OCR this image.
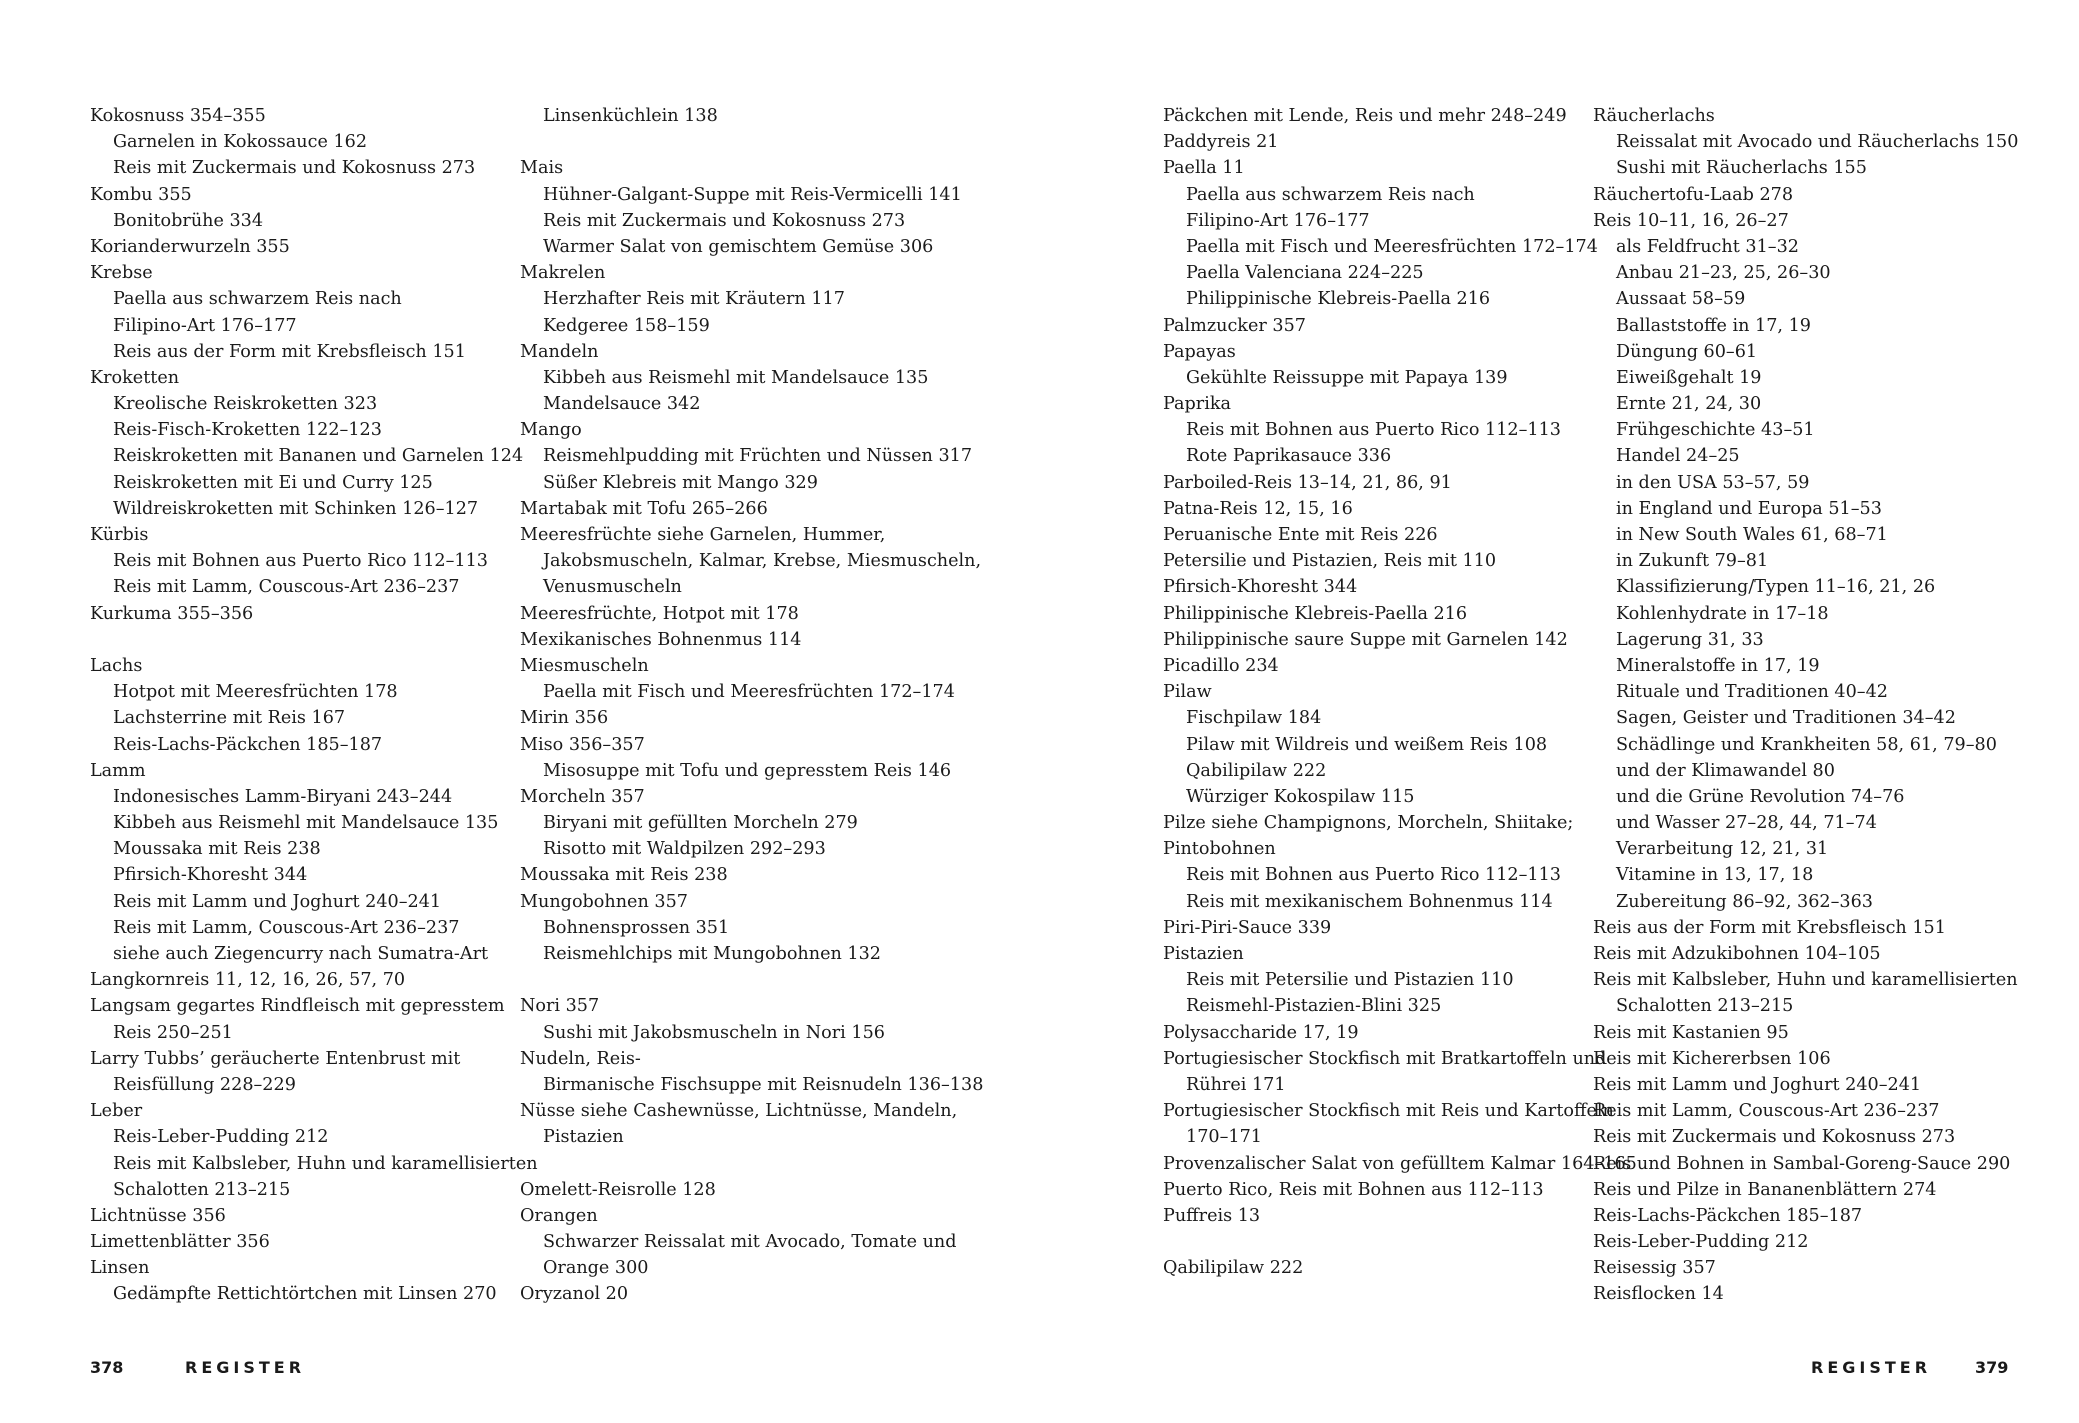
Kokosnuss 354–355
Garnelen in Kokossauce 162
Reis mit Zuckermais und Kokosnuss 273
Kombu 355
Bonitobrühe 334
Korianderwurzeln 355
Krebse
Paella aus schwarzem Reis nach
Filipino-Art 176–177
Reis aus der Form mit Krebsfleisch 151
Kroketten
Kreolische Reiskroketten 323
Reis-Fisch-Kroketten 122–123
Reiskroketten mit Bananen und Garnelen 124
Reiskroketten mit Ei und Curry 125
Wildreiskroketten mit Schinken 126–127
Kürbis
Reis mit Bohnen aus Puerto Rico 112–113
Reis mit Lamm, Couscous-Art 236–237
Kurkuma 355–356
Lachs
Hotpot mit Meeresfrüchten 178
Lachsterrine mit Reis 167
Reis-Lachs-Päckchen 185–187
Lamm
Indonesisches Lamm-Biryani 243–244
Kibbeh aus Reismehl mit Mandelsauce 135
Moussaka mit Reis 238
Pfirsich-Khoresht 344
Reis mit Lamm und Joghurt 240–241
Reis mit Lamm, Couscous-Art 236–237
siehe auch Ziegencurry nach Sumatra-Art
Langkornreis 11, 12, 16, 26, 57, 70
Langsam gegartes Rindfleisch mit gepresstem
Reis 250–251
Larry Tubbs’ geräucherte Entenbrust mit
Reisfüllung 228–229
Leber
Reis-Leber-Pudding 212
Reis mit Kalbsleber, Huhn und karamellisierten
Schalotten 213–215
Lichtnüsse 356
Limettenblätter 356
Linsen
Gedämpfte Rettichtörtchen mit Linsen 270
Linsenküchlein 138
Mais
Hühner-Galgant-Suppe mit Reis-Vermicelli 141
Reis mit Zuckermais und Kokosnuss 273
Warmer Salat von gemischtem Gemüse 306
Makrelen
Herzhafter Reis mit Kräutern 117
Kedgeree 158–159
Mandeln
Kibbeh aus Reismehl mit Mandelsauce 135
Mandelsauce 342
Mango
Reismehlpudding mit Früchten und Nüssen 317
Süßer Klebreis mit Mango 329
Martabak mit Tofu 265–266
Meeresfrüchte siehe Garnelen, Hummer,
Jakobsmuscheln, Kalmar, Krebse, Miesmuscheln,
Venusmuscheln
Meeresfrüchte, Hotpot mit 178
Mexikanisches Bohnenmus 114
Miesmuscheln
Paella mit Fisch und Meeresfrüchten 172–174
Mirin 356
Miso 356–357
Misosuppe mit Tofu und gepresstem Reis 146
Morcheln 357
Biryani mit gefüllten Morcheln 279
Risotto mit Waldpilzen 292–293
Moussaka mit Reis 238
Mungobohnen 357
Bohnensprossen 351
Reismehlchips mit Mungobohnen 132
Nori 357
Sushi mit Jakobsmuscheln in Nori 156
Nudeln, Reis-
Birmanische Fischsuppe mit Reisnudeln 136–138
Nüsse siehe Cashewnüsse, Lichtnüsse, Mandeln,
Pistazien
Omelett-Reisrolle 128
Orangen
Schwarzer Reissalat mit Avocado, Tomate und
Orange 300
Oryzanol 20
Päckchen mit Lende, Reis und mehr 248–249
Paddyreis 21
Paella 11
Paella aus schwarzem Reis nach
Filipino-Art 176–177
Paella mit Fisch und Meeresfrüchten 172–174
Paella Valenciana 224–225
Philippinische Klebreis-Paella 216
Palmzucker 357
Papayas
Gekühlte Reissuppe mit Papaya 139
Paprika
Reis mit Bohnen aus Puerto Rico 112–113
Rote Paprikasauce 336
Parboiled-Reis 13–14, 21, 86, 91
Patna-Reis 12, 15, 16
Peruanische Ente mit Reis 226
Petersilie und Pistazien, Reis mit 110
Pfirsich-Khoresht 344
Philippinische Klebreis-Paella 216
Philippinische saure Suppe mit Garnelen 142
Picadillo 234
Pilaw
Fischpilaw 184
Pilaw mit Wildreis und weißem Reis 108
Qabilipilaw 222
Würziger Kokospilaw 115
Pilze siehe Champignons, Morcheln, Shiitake;
Pintobohnen
Reis mit Bohnen aus Puerto Rico 112–113
Reis mit mexikanischem Bohnenmus 114
Piri-Piri-Sauce 339
Pistazien
Reis mit Petersilie und Pistazien 110
Reismehl-Pistazien-Blini 325
Polysaccharide 17, 19
Portugiesischer Stockfisch mit Bratkartoffeln und
Rührei 171
Portugiesischer Stockfisch mit Reis und Kartoffeln
170–171
Provenzalischer Salat von gefülltem Kalmar 164–165
Puerto Rico, Reis mit Bohnen aus 112–113
Puffreis 13
Qabilipilaw 222
Räucherlachs
Reissalat mit Avocado und Räucherlachs 150
Sushi mit Räucherlachs 155
Räuchertofu-Laab 278
Reis 10–11, 16, 26–27
als Feldfrucht 31–32
Anbau 21–23, 25, 26–30
Aussaat 58–59
Ballaststoffe in 17, 19
Düngung 60–61
Eiweißgehalt 19
Ernte 21, 24, 30
Frühgeschichte 43–51
Handel 24–25
in den USA 53–57, 59
in England und Europa 51–53
in New South Wales 61, 68–71
in Zukunft 79–81
Klassifizierung/Typen 11–16, 21, 26
Kohlenhydrate in 17–18
Lagerung 31, 33
Mineralstoffe in 17, 19
Rituale und Traditionen 40–42
Sagen, Geister und Traditionen 34–42
Schädlinge und Krankheiten 58, 61, 79–80
und der Klimawandel 80
und die Grüne Revolution 74–76
und Wasser 27–28, 44, 71–74
Verarbeitung 12, 21, 31
Vitamine in 13, 17, 18
Zubereitung 86–92, 362–363
Reis aus der Form mit Krebsfleisch 151
Reis mit Adzukibohnen 104–105
Reis mit Kalbsleber, Huhn und karamellisierten
Schalotten 213–215
Reis mit Kastanien 95
Reis mit Kichererbsen 106
Reis mit Lamm und Joghurt 240–241
Reis mit Lamm, Couscous-Art 236–237
Reis mit Zuckermais und Kokosnuss 273
Reis und Bohnen in Sambal-Goreng-Sauce 290
Reis und Pilze in Bananenblättern 274
Reis-Lachs-Päckchen 185–187
Reis-Leber-Pudding 212
Reisessig 357
Reisflocken 14
378	REGISTER	REGISTER	379
